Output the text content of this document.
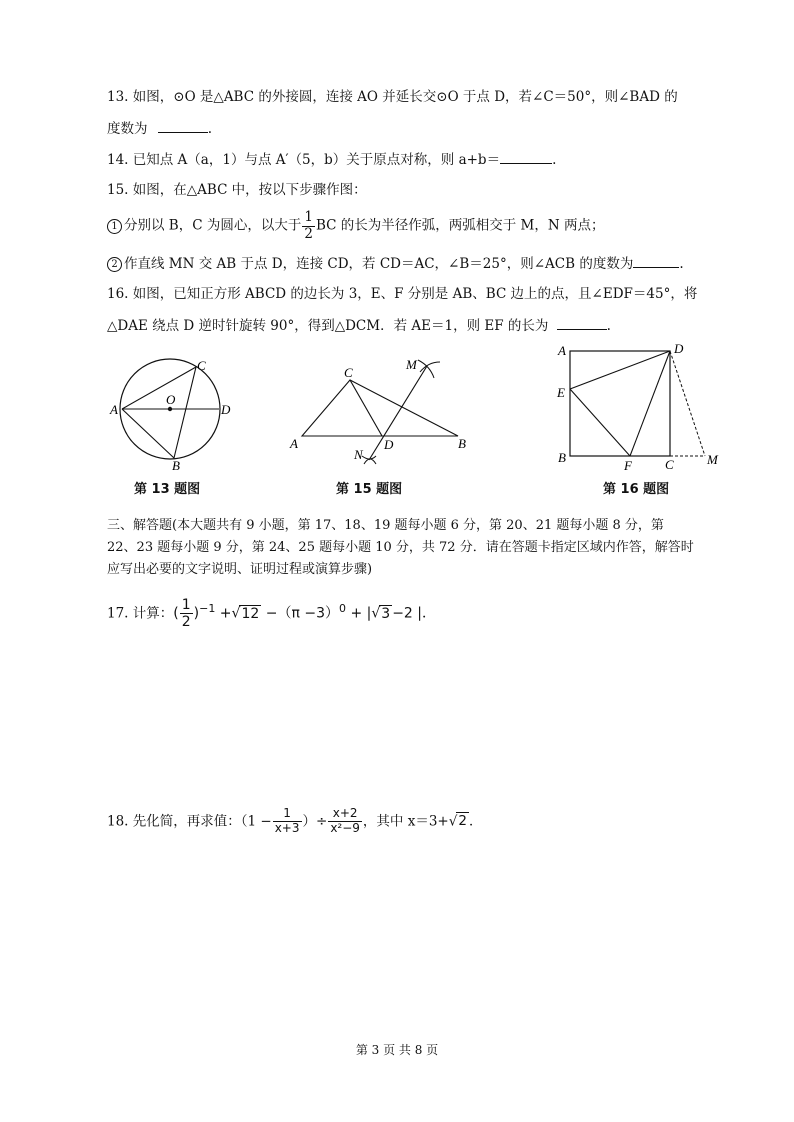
13. 如图，⊙O 是△ABC 的外接圆，连接 AO 并延长交⊙O 于点 D，若∠C＝50°，则∠BAD 的
度数为	.
14. 已知点 A（a，1）与点 A′（5，b）关于原点对称，则 a+b＝	.
15. 如图，在△ABC 中，按以下步骤作图：
1 分别以 B，C 为圆心，以大于 $\frac{1}{2}$ BC 的长为半径作弧，两弧相交于 M，N 两点；
2 作直线 MN 交 AB 于点 D，连接 CD，若 CD＝AC，∠B＝25°，则∠ACB 的度数为	.
16. 如图，已知正方形 ABCD 的边长为 3，E、F 分别是 AB、BC 边上的点，且∠EDF＝45°，将
△DAE 绕点 D 逆时针旋转 90°，得到△DCM．若 AE＝1，则 EF 的长为	.
A
C
D
O
B
第 13 题图
A
C
D	B
M
N
第 15 题图
A	D
E
B
F	C	M
第 16 题图
三、解答题(本大题共有 9 小题，第 17、18、19 题每小题 6 分，第 20、21 题每小题 8 分，第 22、23 题每小题 9 分，第 24、25 题每小题 10 分，共 72 分．请在答题卡指定区域内作答，解答时应写出必要的文字说明、证明过程或演算步骤)
17. 计算：( $\frac{1}{2} )^{-1} +√12 -(\pi -3)^0 + |√3 -2$ |．
18. 先化简，再求值：（$1 - \frac{1}{x+3}$ ）÷ $\frac{x+2}{\text{x²−9}}$ ，其中 x＝3+√2 ．
第 3 页 共 8 页
